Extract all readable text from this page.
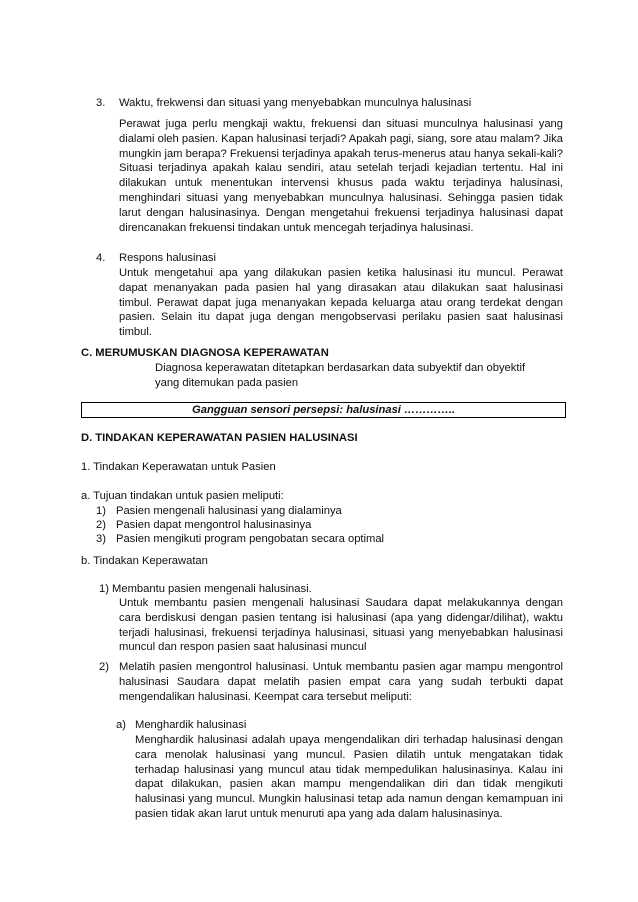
3. Waktu, frekwensi dan situasi yang menyebabkan munculnya halusinasi
Perawat juga perlu mengkaji waktu, frekuensi dan situasi munculnya halusinasi yang dialami oleh pasien. Kapan halusinasi terjadi? Apakah pagi, siang, sore atau malam? Jika mungkin jam berapa? Frekuensi terjadinya apakah terus-menerus atau hanya sekali-kali? Situasi terjadinya apakah kalau sendiri, atau setelah terjadi kejadian tertentu. Hal ini dilakukan untuk menentukan intervensi khusus pada waktu terjadinya halusinasi, menghindari situasi yang menyebabkan munculnya halusinasi. Sehingga pasien tidak larut dengan halusinasinya. Dengan mengetahui frekuensi terjadinya halusinasi dapat direncanakan frekuensi tindakan untuk mencegah terjadinya halusinasi.
4. Respons halusinasi
Untuk mengetahui apa yang dilakukan pasien ketika halusinasi itu muncul. Perawat dapat menanyakan pada pasien hal yang dirasakan atau dilakukan saat halusinasi timbul. Perawat dapat juga menanyakan kepada keluarga atau orang terdekat dengan pasien. Selain itu dapat juga dengan mengobservasi perilaku pasien saat halusinasi timbul.
C. MERUMUSKAN DIAGNOSA KEPERAWATAN
Diagnosa keperawatan ditetapkan berdasarkan data subyektif dan obyektif
yang ditemukan pada pasien
Gangguan sensori persepsi: halusinasi …………..
D. TINDAKAN KEPERAWATAN PASIEN HALUSINASI
1. Tindakan Keperawatan untuk Pasien
a. Tujuan tindakan untuk pasien meliputi:
1) Pasien mengenali halusinasi yang dialaminya
2) Pasien dapat mengontrol halusinasinya
3) Pasien mengikuti program pengobatan secara optimal
b. Tindakan Keperawatan
1) Membantu pasien mengenali halusinasi.
Untuk membantu pasien mengenali halusinasi Saudara dapat melakukannya dengan cara berdiskusi dengan pasien tentang isi halusinasi (apa yang didengar/dilihat), waktu terjadi halusinasi, frekuensi terjadinya halusinasi, situasi yang menyebabkan halusinasi muncul dan respon pasien saat halusinasi muncul
2) Melatih pasien mengontrol halusinasi. Untuk membantu pasien agar mampu mengontrol halusinasi Saudara dapat melatih pasien empat cara yang sudah terbukti dapat mengendalikan halusinasi. Keempat cara tersebut meliputi:
a) Menghardik halusinasi
Menghardik halusinasi adalah upaya mengendalikan diri terhadap halusinasi dengan cara menolak halusinasi yang muncul. Pasien dilatih untuk mengatakan tidak terhadap halusinasi yang muncul atau tidak mempedulikan halusinasinya. Kalau ini dapat dilakukan, pasien akan mampu mengendalikan diri dan tidak mengikuti halusinasi yang muncul. Mungkin halusinasi tetap ada namun dengan kemampuan ini pasien tidak akan larut untuk menuruti apa yang ada dalam halusinasinya.
